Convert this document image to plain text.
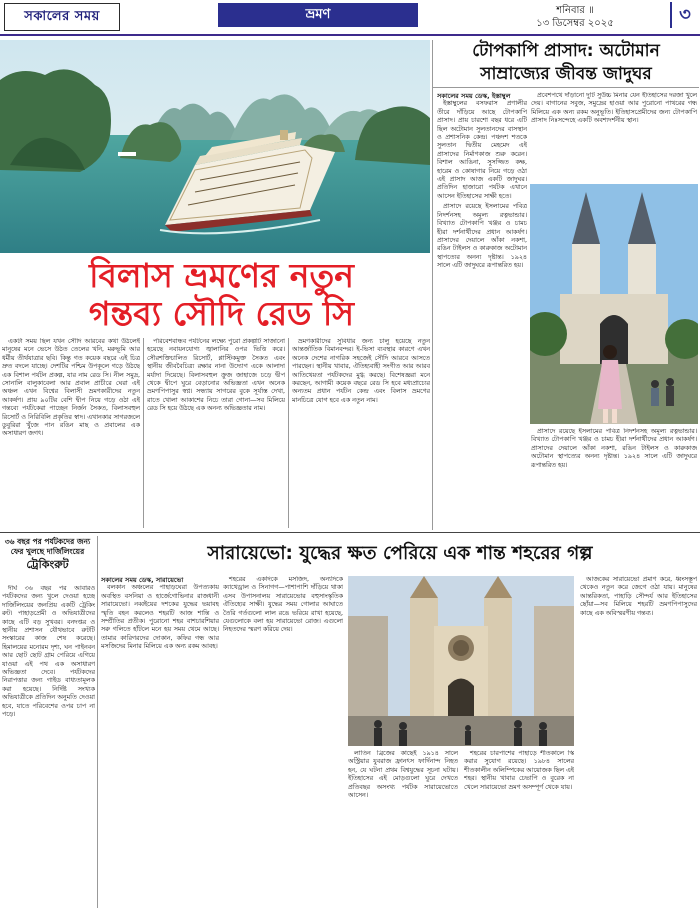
সকালের সময়	ভ্রমণ	শনিবার ॥
১৩ ডিসেম্বর ২০২৫	৩
বিলাস ভ্রমণের নতুন
গন্তব্য সৌদি রেড সি

একটা সময় ছিল যখন সৌদি আরবের কথা উঠলেই মানুষের মনে ভেসে উঠত তেলের খনি, মরুভূমি আর ধর্মীয় তীর্থযাত্রার ছবি। কিন্তু গত কয়েক বছরে এই চিত্র দ্রুত বদলে যাচ্ছে। দেশটির পশ্চিম উপকূলে গড়ে উঠছে এক বিশাল পর্যটন প্রকল্প, যার নাম রেড সি। নীল সমুদ্র, সোনালি বালুকাবেলা আর প্রবাল প্রাচীরে ঘেরা এই অঞ্চল এখন বিশ্বের বিলাসী ভ্রমণকারীদের নতুন আকর্ষণ। প্রায় ৯০টির বেশি দ্বীপ নিয়ে গড়ে ওঠা এই গন্তব্যে পর্যটকেরা পাচ্ছেন নির্জন সৈকত, বিলাসবহুল রিসোর্ট ও নিরিবিলি প্রকৃতির স্বাদ। এখানকার সাগরজলে ডুবুরিরা খুঁজে পান রঙিন মাছ ও প্রবালের এক অসাধারণ জগৎ।

পরিবেশবান্ধব পর্যটনের লক্ষ্যে পুরো প্রকল্পটি সাজানো হয়েছে নবায়নযোগ্য জ্বালানির ওপর ভিত্তি করে। সৌরশক্তিচালিত রিসোর্ট, প্লাস্টিকমুক্ত সৈকত এবং স্থানীয় জীববৈচিত্র্য রক্ষার নানা উদ্যোগ একে আলাদা মর্যাদা দিয়েছে। বিলাসবহুল ক্রুজ জাহাজে চড়ে দ্বীপ থেকে দ্বীপে ঘুরে বেড়ানোর অভিজ্ঞতা এখন অনেক ভ্রমণপিপাসুর স্বপ্ন। সন্ধ্যায় সাগরের বুকে সূর্যাস্ত দেখা, রাতে খোলা আকাশের নিচে তারা গোনা—সব মিলিয়ে রেড সি হয়ে উঠছে এক অনন্য অভিজ্ঞতার নাম।

ভ্রমণকারীদের সুবিধার জন্য চালু হয়েছে নতুন আন্তর্জাতিক বিমানবন্দর। ই-ভিসা ব্যবস্থার কারণে এখন অনেক দেশের নাগরিক সহজেই সৌদি আরবে আসতে পারছেন। স্থানীয় খাবার, ঐতিহ্যবাহী সংগীত আর আরব আতিথেয়তা পর্যটকদের মুগ্ধ করছে। বিশেষজ্ঞরা মনে করছেন, আগামী কয়েক বছরে রেড সি হবে মধ্যপ্রাচ্যের অন্যতম প্রধান পর্যটন কেন্দ্র এবং বিলাস ভ্রমণের মানচিত্রে যোগ হবে এক নতুন নাম।

টোপকাপি প্রাসাদ: অটোমান
সাম্রাজ্যের জীবন্ত জাদুঘর
সকালের সময় ডেস্ক, ইস্তাম্বুল

ইস্তাম্বুলের বসফরাস প্রণালীর তীরে দাঁড়িয়ে আছে টোপকাপি প্রাসাদ। প্রায় চারশো বছর ধরে এটি ছিল অটোমান সুলতানদের বাসস্থান ও প্রশাসনিক কেন্দ্র। পঞ্চদশ শতকে সুলতান দ্বিতীয় মেহমেদ এই প্রাসাদের নির্মাণকাজ শুরু করেন। বিশাল আঙিনা, সুসজ্জিত কক্ষ, হারেম ও কোষাগার নিয়ে গড়ে ওঠা এই প্রাসাদ আজ একটি জাদুঘর। প্রতিদিন হাজারো পর্যটক এখানে আসেন ইতিহাসের সাক্ষী হতে।

প্রাসাদে রয়েছে ইসলামের পবিত্র নিদর্শনসহ অমূল্য রত্নভান্ডার। বিখ্যাত টোপকাপি খঞ্জর ও চামচ হীরা দর্শনার্থীদের প্রধান আকর্ষণ। প্রাসাদের দেয়ালে আঁকা নকশা, রঙিন টাইলস ও কারুকাজ অটোমান স্থাপত্যের অনন্য দৃষ্টান্ত। ১৯২৪ সালে এটি জাদুঘরে রূপান্তরিত হয়।

প্রবেশপথে দাঁড়ানো দুটি সুউচ্চ মিনার যেন ইতিহাসের দরজা খুলে দেয়। বাগানের সবুজ, সমুদ্রের হাওয়া আর পুরোনো পাথরের গন্ধ মিলিয়ে এক অন্য রকম অনুভূতি। ইতিহাসপ্রেমীদের জন্য টোপকাপি প্রাসাদ নিঃসন্দেহে একটি অবশ্যদর্শনীয় স্থান।

প্রাসাদে রয়েছে ইসলামের পবিত্র নিদর্শনসহ অমূল্য রত্নভান্ডার। বিখ্যাত টোপকাপি খঞ্জর ও চামচ হীরা দর্শনার্থীদের প্রধান আকর্ষণ। প্রাসাদের দেয়ালে আঁকা নকশা, রঙিন টাইলস ও কারুকাজ অটোমান স্থাপত্যের অনন্য দৃষ্টান্ত। ১৯২৪ সালে এটি জাদুঘরে রূপান্তরিত হয়।

৩৬ বছর পর পর্যটকদের জন্য ফের খুলছে দার্জিলিংয়ের
ট্রেকিংরুট

দীর্ঘ ৩৬ বছর পর আবারও পর্যটকদের জন্য খুলে দেওয়া হচ্ছে দার্জিলিংয়ের জনপ্রিয় একটি ট্রেকিং রুট। পাহাড়প্রেমী ও অভিযাত্রীদের কাছে এটি বড় সুখবর। বনদপ্তর ও স্থানীয় প্রশাসন যৌথভাবে রুটটি সংস্কারের কাজ শেষ করেছে। হিমালয়ের মনোরম দৃশ্য, ঘন পাইনবন আর ছোট ছোট গ্রাম পেরিয়ে এগিয়ে যাওয়া এই পথ এক অসাধারণ অভিজ্ঞতা দেবে। পর্যটকদের নিরাপত্তার জন্য গাইড বাধ্যতামূলক করা হয়েছে। নির্দিষ্ট সংখ্যক অভিযাত্রীকে প্রতিদিন অনুমতি দেওয়া হবে, যাতে পরিবেশের ওপর চাপ না পড়ে।

সারায়েভো: যুদ্ধের ক্ষত পেরিয়ে এক শান্ত শহরের গল্প
সকালের সময় ডেস্ক, সারায়েভো

বলকান অঞ্চলের পাহাড়ঘেরা উপত্যকায় অবস্থিত বসনিয়া ও হার্জেগোভিনার রাজধানী সারায়েভো। নব্বইয়ের দশকের যুদ্ধের ভয়াবহ স্মৃতি বহন করলেও শহরটি আজ শান্তি ও সম্প্রীতির প্রতীক। পুরোনো শহর বাশচারশিয়ার সরু গলিতে হাঁটলে মনে হয় সময় থেমে আছে। তামার কারিগরদের দোকান, কফির গন্ধ আর মসজিদের মিনার মিলিয়ে এক অন্য রকম আবহ।

শহরের একদিকে মসজিদ, অন্যদিকে ক্যাথেড্রাল ও সিনাগগ—পাশাপাশি দাঁড়িয়ে থাকা এসব উপাসনালয় সারায়েভোর বহুসাংস্কৃতিক ঐতিহ্যের সাক্ষী। যুদ্ধের সময় গোলার আঘাতে তৈরি গর্তগুলো লাল রঙে ভরিয়ে রাখা হয়েছে, যেগুলোকে বলা হয় সারায়েভো রোজ। এগুলো নিহতদের স্মরণ করিয়ে দেয়।

লাতিন ব্রিজের কাছেই ১৯১৪ সালে অস্ট্রিয়ার যুবরাজ ফ্রানৎস ফার্দিনান্দ নিহত হন, যে ঘটনা প্রথম বিশ্বযুদ্ধের সূচনা ঘটায়। ইতিহাসের এই মোড়গুলো ঘুরে দেখতে প্রতিবছর অসংখ্য পর্যটক সারায়েভোতে আসেন।

শহরের চারপাশের পাহাড়ে শীতকালে স্কি করার সুযোগ রয়েছে। ১৯৮৪ সালের শীতকালীন অলিম্পিকের আয়োজক ছিল এই শহর। স্থানীয় খাবার চেভাপি ও বুরেক না খেলে সারায়েভো ভ্রমণ অসম্পূর্ণ থেকে যায়।

আজকের সারায়েভো প্রমাণ করে, ধ্বংসস্তূপ থেকেও নতুন করে জেগে ওঠা যায়। মানুষের আন্তরিকতা, পাহাড়ি সৌন্দর্য আর ইতিহাসের ছোঁয়া—সব মিলিয়ে শহরটি ভ্রমণপিপাসুদের কাছে এক অবিস্মরণীয় গন্তব্য।
